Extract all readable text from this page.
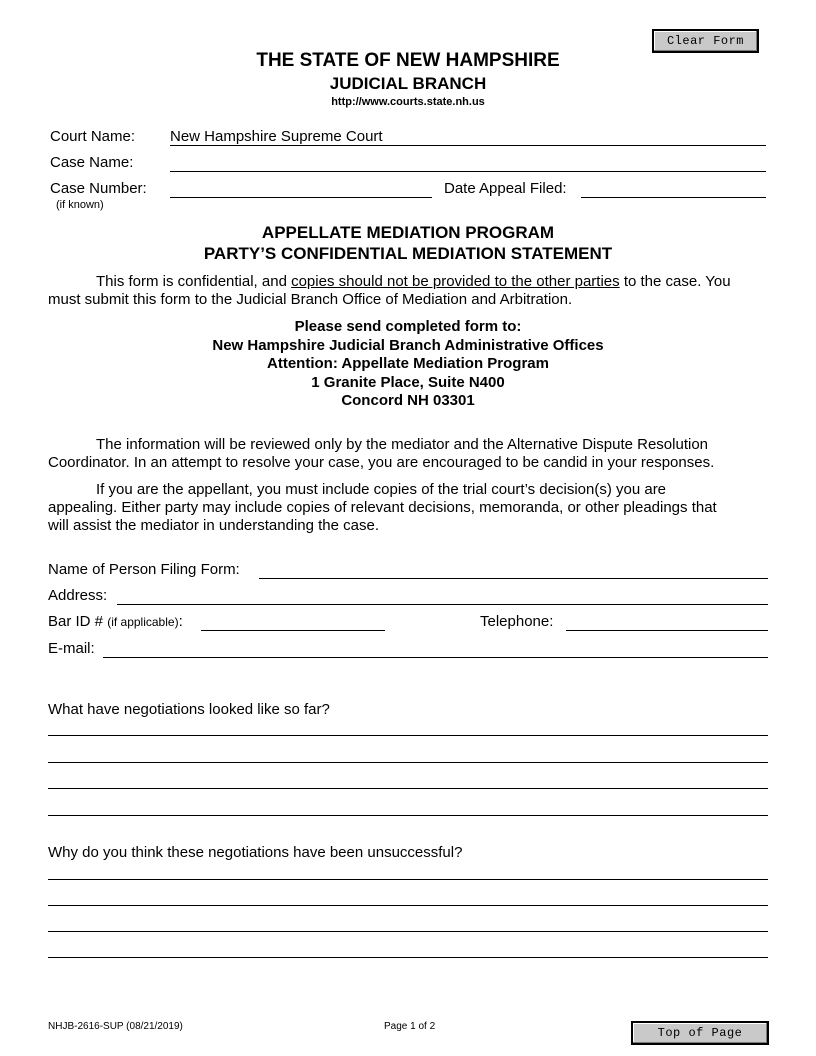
Clear Form
THE STATE OF NEW HAMPSHIRE
JUDICIAL BRANCH
http://www.courts.state.nh.us
Court Name:
New Hampshire Supreme Court
Case Name:
Case Number:
(if known)
Date Appeal Filed:
APPELLATE MEDIATION PROGRAM
PARTY’S CONFIDENTIAL MEDIATION STATEMENT
This form is confidential, and copies should not be provided to the other parties to the case. You
must submit this form to the Judicial Branch Office of Mediation and Arbitration.
Please send completed form to:
New Hampshire Judicial Branch Administrative Offices
Attention: Appellate Mediation Program
1 Granite Place, Suite N400
Concord NH 03301
The information will be reviewed only by the mediator and the Alternative Dispute Resolution
Coordinator. In an attempt to resolve your case, you are encouraged to be candid in your responses.
If you are the appellant, you must include copies of the trial court’s decision(s) you are
appealing. Either party may include copies of relevant decisions, memoranda, or other pleadings that
will assist the mediator in understanding the case.
Name of Person Filing Form:
Address:
Bar ID # (if applicable):	Telephone:
E-mail:
What have negotiations looked like so far?
Why do you think these negotiations have been unsuccessful?
NHJB-2616-SUP (08/21/2019)	Page 1 of 2	Top of Page
